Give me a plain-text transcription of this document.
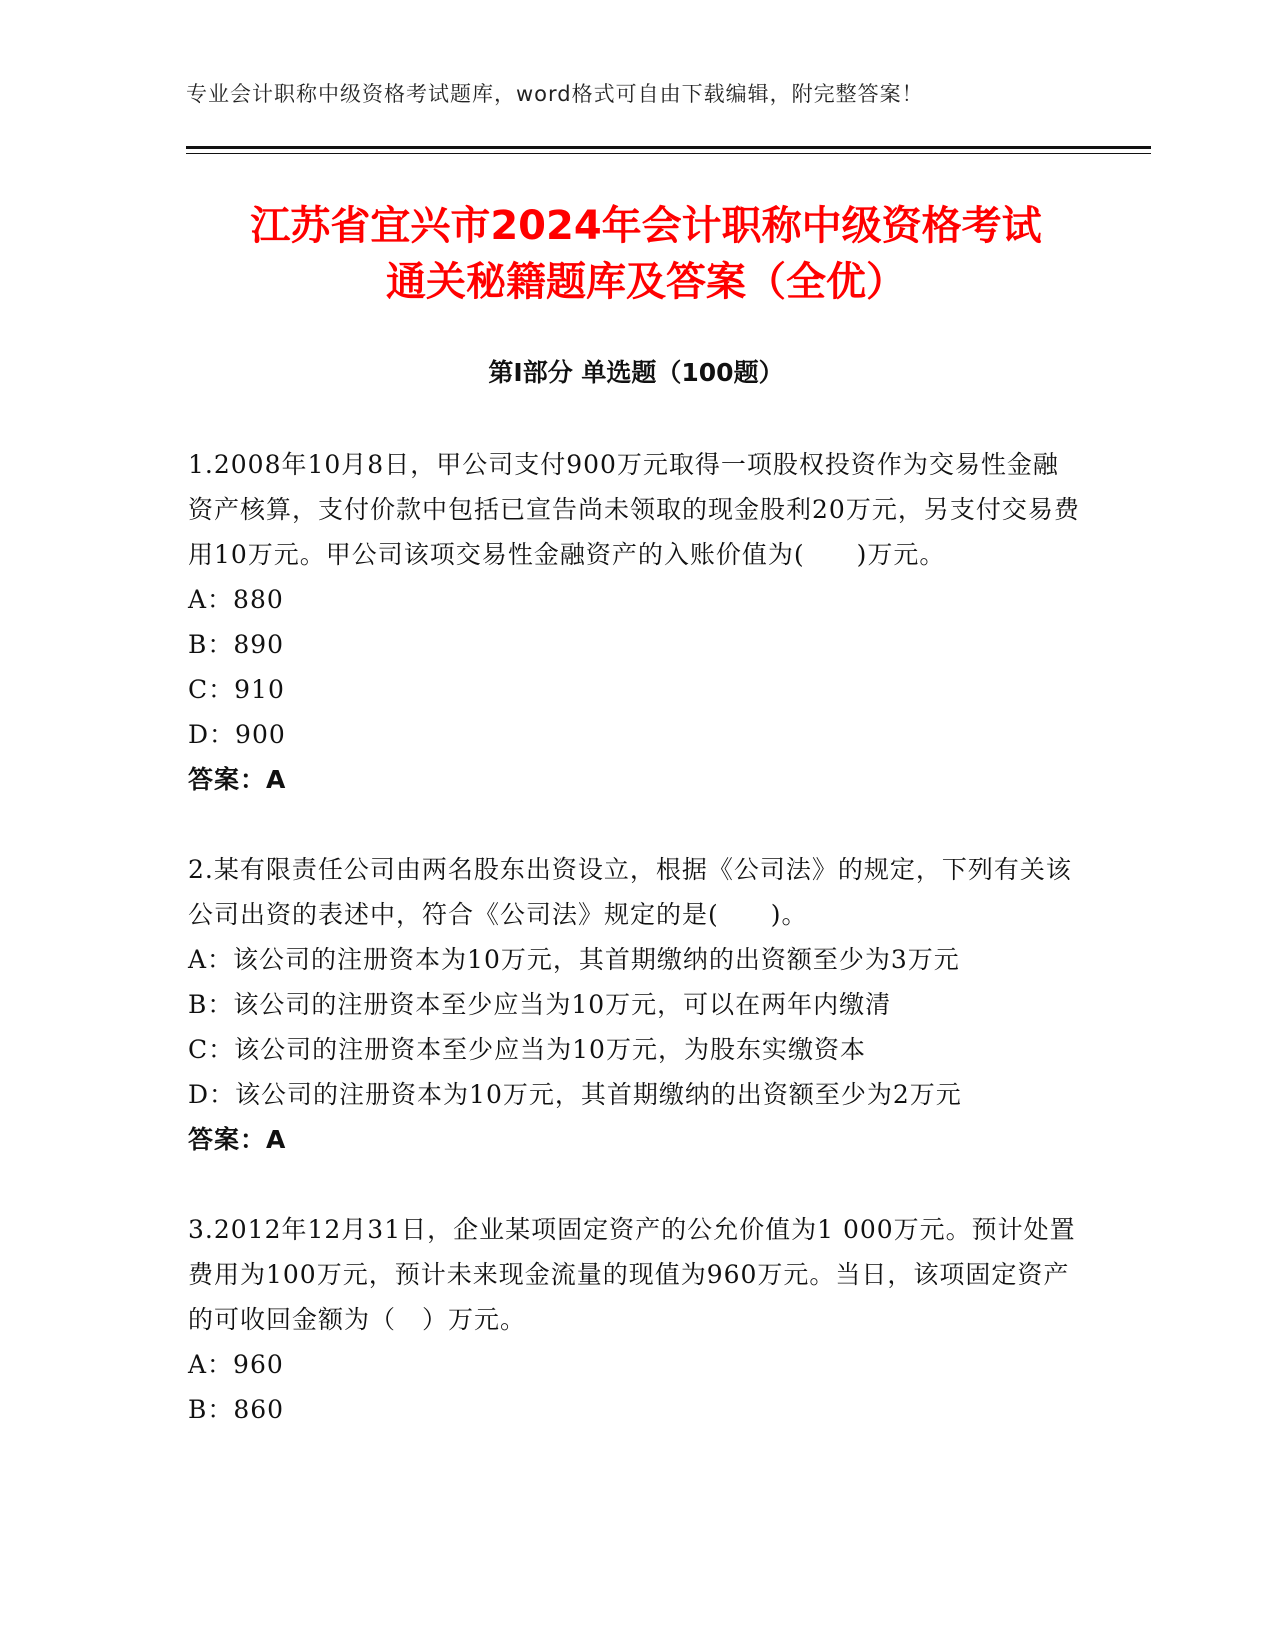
专业会计职称中级资格考试题库，word格式可自由下载编辑，附完整答案！
江苏省宜兴市2024年会计职称中级资格考试
通关秘籍题库及答案（全优）
第Ⅰ部分 单选题（100题）

1.2008年10月8日，甲公司支付900万元取得一项股权投资作为交易性金融资产核算，支付价款中包括已宣告尚未领取的现金股利20万元，另支付交易费用10万元。甲公司该项交易性金融资产的入账价值为(　　)万元。

A：880

B：890

C：910

D：900

答案：A

2.某有限责任公司由两名股东出资设立，根据《公司法》的规定，下列有关该公司出资的表述中，符合《公司法》规定的是(　　)。

A：该公司的注册资本为10万元，其首期缴纳的出资额至少为3万元

B：该公司的注册资本至少应当为10万元，可以在两年内缴清

C：该公司的注册资本至少应当为10万元，为股东实缴资本

D：该公司的注册资本为10万元，其首期缴纳的出资额至少为2万元

答案：A

3.2012年12月31日，企业某项固定资产的公允价值为1 000万元。预计处置费用为100万元，预计未来现金流量的现值为960万元。当日，该项固定资产的可收回金额为（　）万元。

A：960

B：860
